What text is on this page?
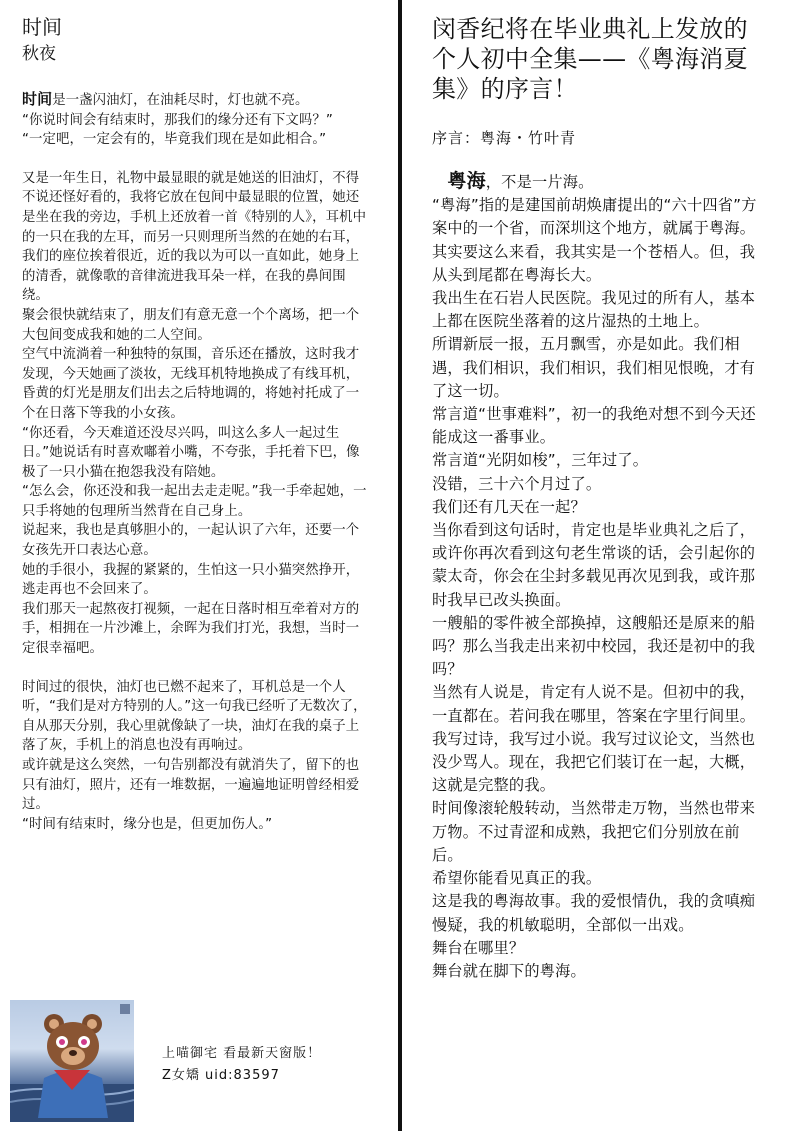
时间
秋夜

时间是一盏闪油灯，在油耗尽时，灯也就不亮。

“你说时间会有结束时，那我们的缘分还有下文吗？”

“一定吧，一定会有的，毕竟我们现在是如此相合。”

又是一年生日，礼物中最显眼的就是她送的旧油灯，不得不说还怪好看的，我将它放在包间中最显眼的位置，她还是坐在我的旁边，手机上还放着一首《特别的人》，耳机中的一只在我的左耳，而另一只则理所当然的在她的右耳，我们的座位挨着很近，近的我以为可以一直如此，她身上的清香，就像歌的音律流进我耳朵一样，在我的鼻间围绕。

聚会很快就结束了，朋友们有意无意一个个离场，把一个大包间变成我和她的二人空间。

空气中流淌着一种独特的氛围，音乐还在播放，这时我才发现，今天她画了淡妆，无线耳机特地换成了有线耳机，昏黄的灯光是朋友们出去之后特地调的，将她衬托成了一个在日落下等我的小女孩。

“你还看，今天难道还没尽兴吗，叫这么多人一起过生日。”她说话有时喜欢嘟着小嘴，不夸张，手托着下巴，像极了一只小猫在抱怨我没有陪她。

“怎么会，你还没和我一起出去走走呢。”我一手牵起她，一只手将她的包理所当然背在自己身上。

说起来，我也是真够胆小的，一起认识了六年，还要一个女孩先开口表达心意。

她的手很小，我握的紧紧的，生怕这一只小猫突然挣开，逃走再也不会回来了。

我们那天一起熬夜打视频，一起在日落时相互牵着对方的手，相拥在一片沙滩上，余晖为我们打光，我想，当时一定很幸福吧。

时间过的很快，油灯也已燃不起来了，耳机总是一个人听，“我们是对方特别的人。”这一句我已经听了无数次了，自从那天分别，我心里就像缺了一块，油灯在我的桌子上落了灰，手机上的消息也没有再响过。

或许就是这么突然，一句告别都没有就消失了，留下的也只有油灯，照片，还有一堆数据，一遍遍地证明曾经相爱过。

“时间有结束时，缘分也是，但更加伤人。”

上喵御宅 看最新天窗版！
Z女矯 uid:83597
闵香纪将在毕业典礼上发放的个人初中全集——《粤海消夏集》的序言！
序言：粤海・竹叶青

　粤海，不是一片海。

“粤海”指的是建国前胡焕庸提出的“六十四省”方案中的一个省，而深圳这个地方，就属于粤海。其实要这么来看，我其实是一个苍梧人。但，我从头到尾都在粤海长大。

我出生在石岩人民医院。我见过的所有人，基本上都在医院坐落着的这片湿热的土地上。

所谓新辰一报，五月飘雪，亦是如此。我们相遇，我们相识，我们相识，我们相见恨晚，才有了这一切。

常言道“世事难料”，初一的我绝对想不到今天还能成这一番事业。

常言道“光阴如梭”，三年过了。

没错，三十六个月过了。

我们还有几天在一起？

当你看到这句话时，肯定也是毕业典礼之后了，或许你再次看到这句老生常谈的话，会引起你的蒙太奇，你会在尘封多载见再次见到我，或许那时我早已改头换面。

一艘船的零件被全部换掉，这艘船还是原来的船吗？那么当我走出来初中校园，我还是初中的我吗？

当然有人说是，肯定有人说不是。但初中的我，一直都在。若问我在哪里，答案在字里行间里。

我写过诗，我写过小说。我写过议论文，当然也没少骂人。现在，我把它们装订在一起，大概，这就是完整的我。

时间像滚轮般转动，当然带走万物，当然也带来万物。不过青涩和成熟，我把它们分别放在前后。

希望你能看见真正的我。

这是我的粤海故事。我的爱恨情仇，我的贪嗔痴慢疑，我的机敏聪明，全部似一出戏。

舞台在哪里？

舞台就在脚下的粤海。
